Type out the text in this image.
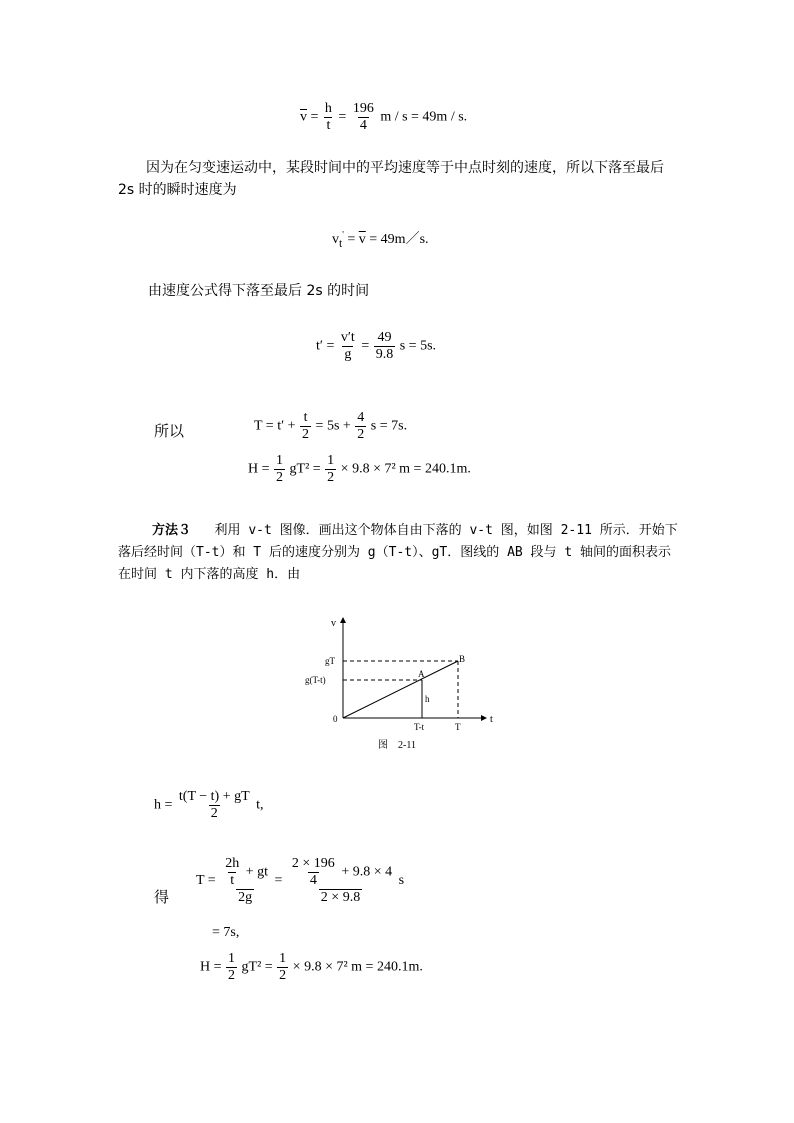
$\overline{v} = \frac{h}{t} = \frac{196}{4}$ m / s = 49m / s.
因为在匀变速运动中，某段时间中的平均速度等于中点时刻的速度，所以下落至最后2s 时的瞬时速度为
$v_t' = \overline{v}$ = 49m／s.
由速度公式得下落至最后 2s 的时间
$t' = \frac{v't}{g} = \frac{49}{9.8}$ s = 5s.
所以	$T = t' + \frac{t}{2} = 5s + \frac{4}{2}$ s = 7s.
$H = \frac{1}{2} gT^2 = \frac{1}{2} \times 9.8 \times 7^2$ m = 240.1m.
方法３ 利用 v-t 图像．画出这个物体自由下落的 v-t 图，如图 2-11 所示．开始下落后经时间（T-t）和 T 后的速度分别为 g（T-t）、gT．图线的 AB 段与 t 轴间的面积表示在时间 t 内下落的高度 h．由
v
t
0
gT
g(T-t)
A
B
h
T-t	T
图　2-11
$h = \frac{t(T - t) + gT}{2} t$,
得
$T = \frac{\frac{2h}{t} + gt}{2g} = \frac{\frac{2 \times 196}{4} + 9.8 \times 4}{2 \times 9.8}$ s
= 7s,
$H = \frac{1}{2} gT^2 = \frac{1}{2} \times 9.8 \times 7^2$ m = 240.1m.
